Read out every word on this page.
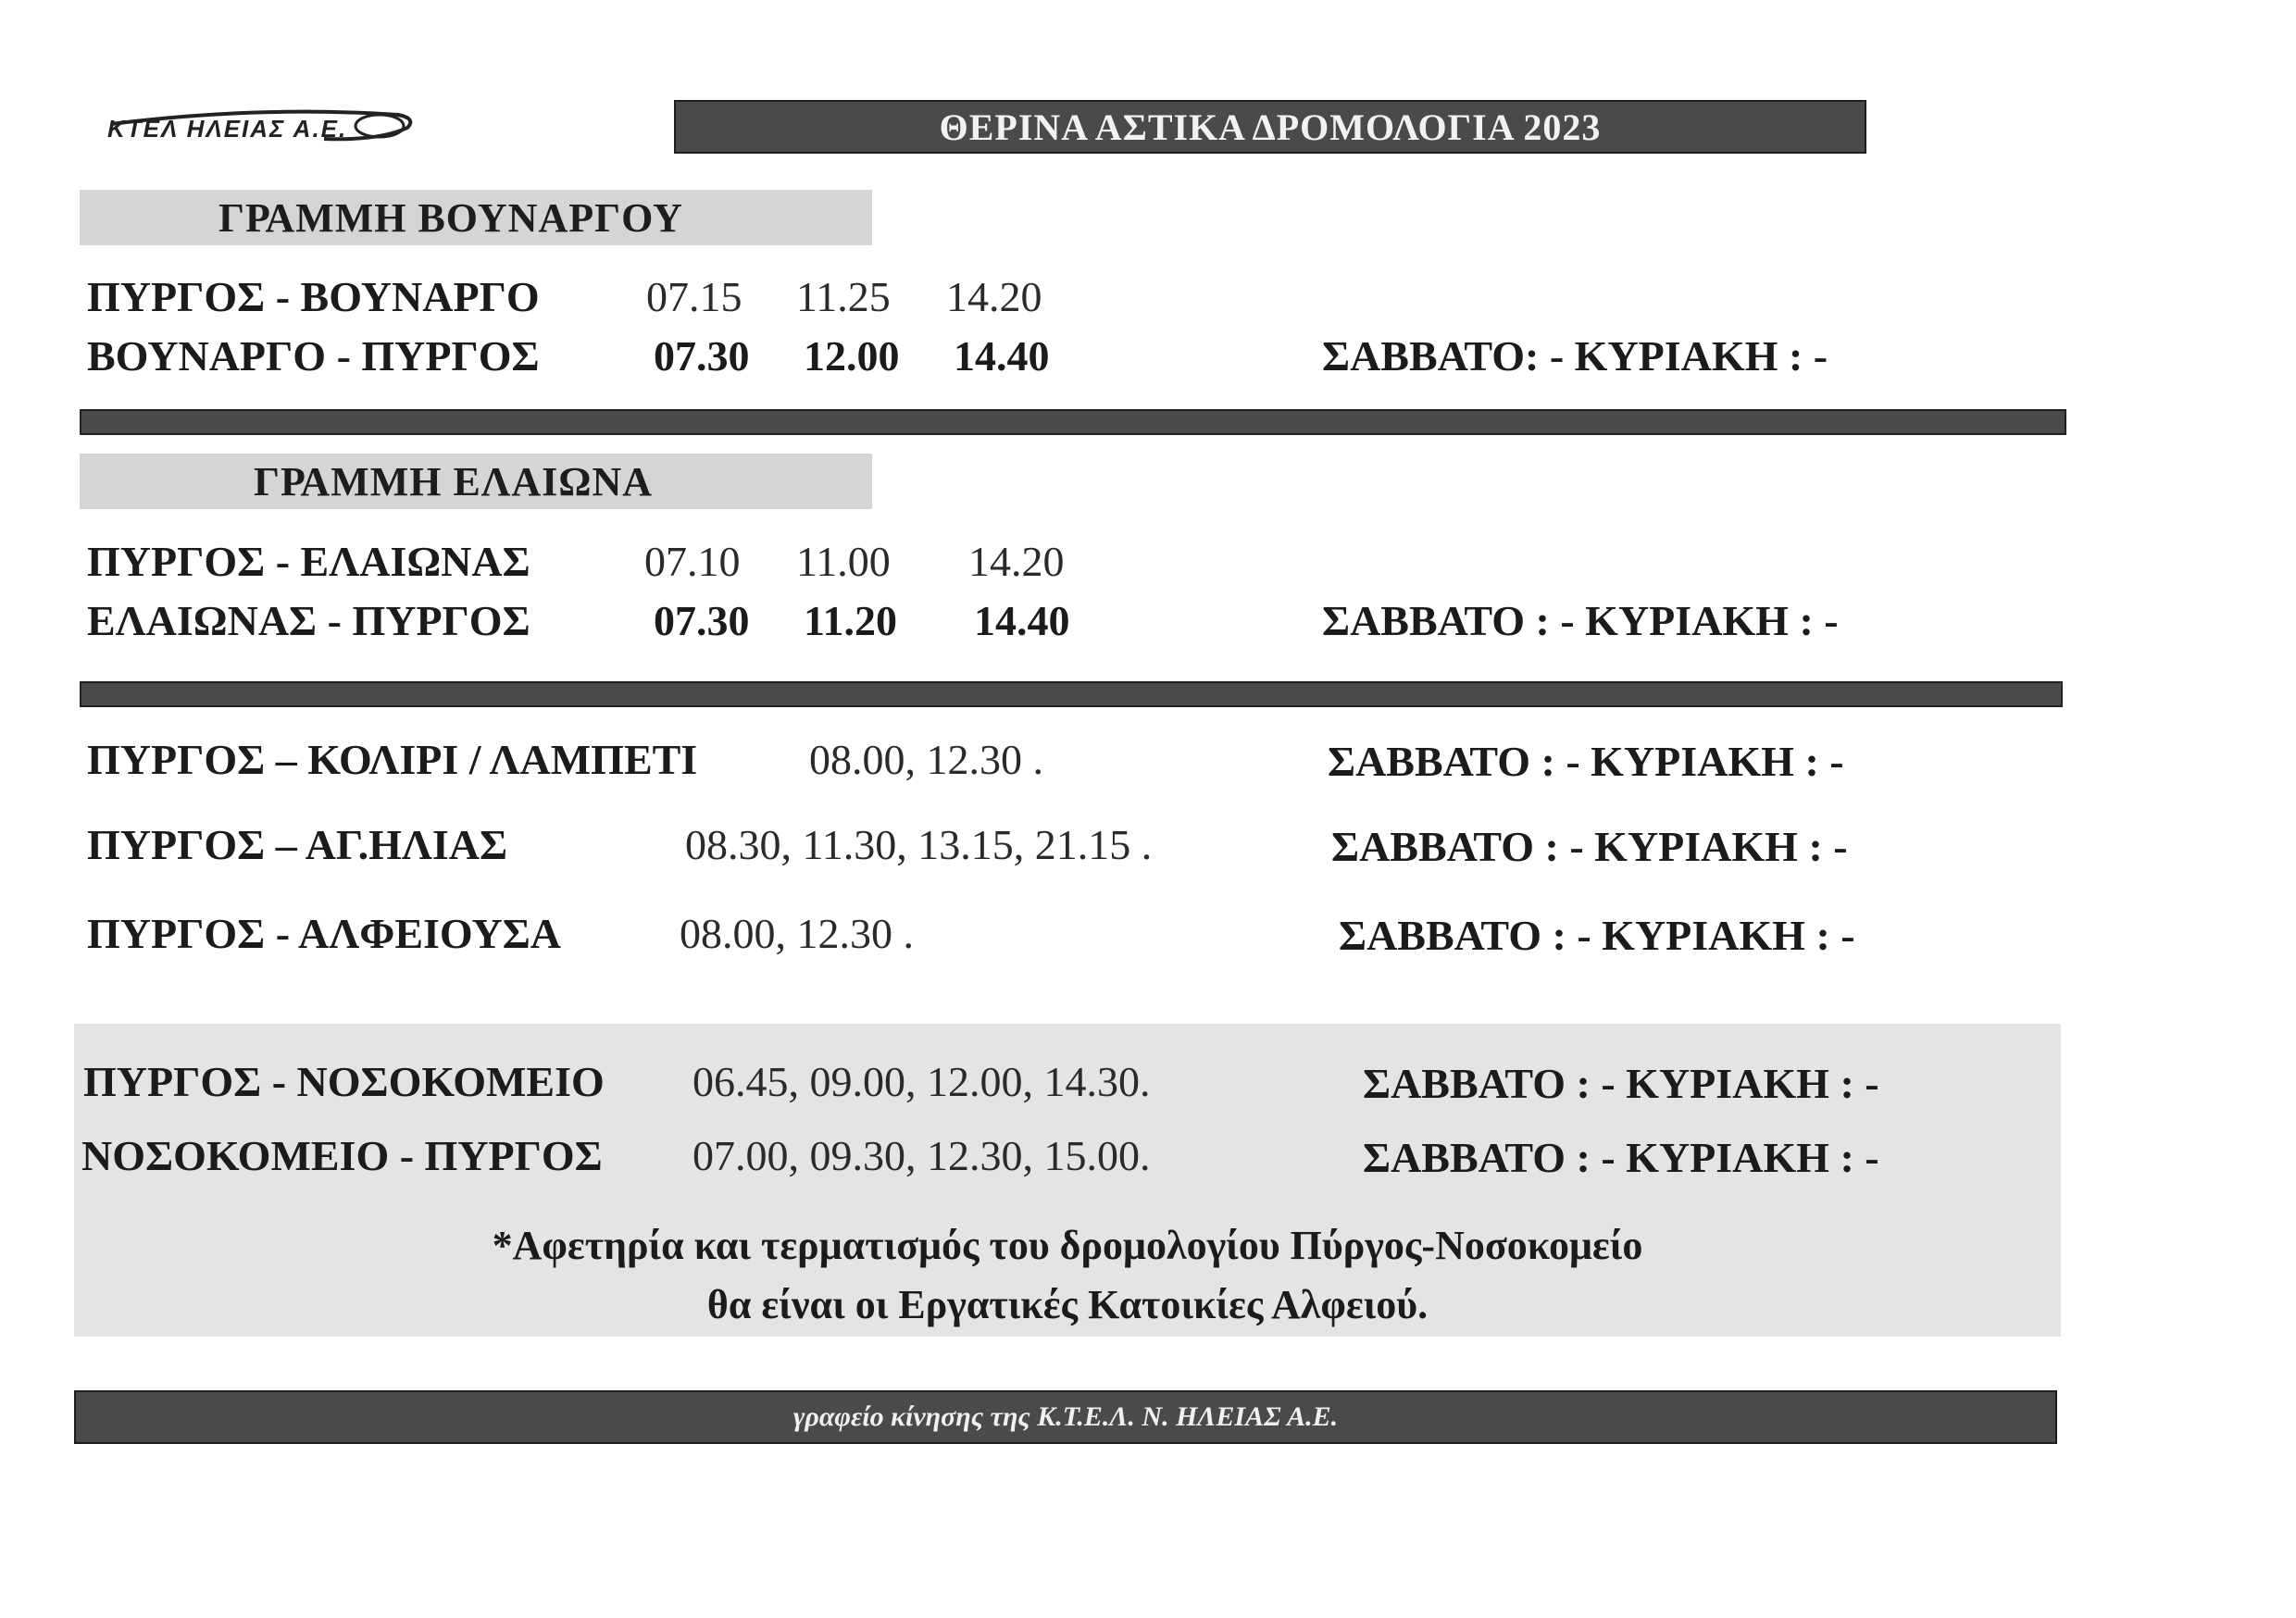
ΚΤΕΛ ΗΛΕΙΑΣ Α.Ε.	ΘΕΡΙΝΑ ΑΣΤΙΚΑ ΔΡΟΜΟΛΟΓΙΑ 2023
ΓΡΑΜΜΗ ΒΟΥΝΑΡΓΟΥ
ΠΥΡΓΟΣ - ΒΟΥΝΑΡΓΟ	07.15 11.25 14.20
ΒΟΥΝΑΡΓΟ - ΠΥΡΓΟΣ	07.30 12.00 14.40	ΣΑΒΒΑΤΟ: - ΚΥΡΙΑΚΗ : -
ΓΡΑΜΜΗ ΕΛΑΙΩΝΑ
ΠΥΡΓΟΣ - ΕΛΑΙΩΝΑΣ	07.10 11.00 14.20
ΕΛΑΙΩΝΑΣ - ΠΥΡΓΟΣ	07.30 11.20 14.40	ΣΑΒΒΑΤΟ : - ΚΥΡΙΑΚΗ : -
ΠΥΡΓΟΣ – ΚΟΛΙΡΙ / ΛΑΜΠΕΤΙ	08.00, 12.30 .	ΣΑΒΒΑΤΟ : - ΚΥΡΙΑΚΗ : -
ΠΥΡΓΟΣ – ΑΓ.ΗΛΙΑΣ	08.30, 11.30, 13.15, 21.15 .	ΣΑΒΒΑΤΟ : - ΚΥΡΙΑΚΗ : -
ΠΥΡΓΟΣ - ΑΛΦΕΙΟΥΣΑ	08.00, 12.30 .	ΣΑΒΒΑΤΟ : - ΚΥΡΙΑΚΗ : -
ΠΥΡΓΟΣ - ΝΟΣΟΚΟΜΕΙΟ 06.45, 09.00, 12.00, 14.30.	ΣΑΒΒΑΤΟ : - ΚΥΡΙΑΚΗ : -
ΝΟΣΟΚΟΜΕΙΟ - ΠΥΡΓΟΣ 07.00, 09.30, 12.30, 15.00.	ΣΑΒΒΑΤΟ : - ΚΥΡΙΑΚΗ : -
*Αφετηρία και τερματισμός του δρομολογίου Πύργος-Νοσοκομείο
θα είναι οι Εργατικές Κατοικίες Αλφειού.
γραφείο κίνησης της Κ.Τ.Ε.Λ. Ν. ΗΛΕΙΑΣ Α.Ε.
